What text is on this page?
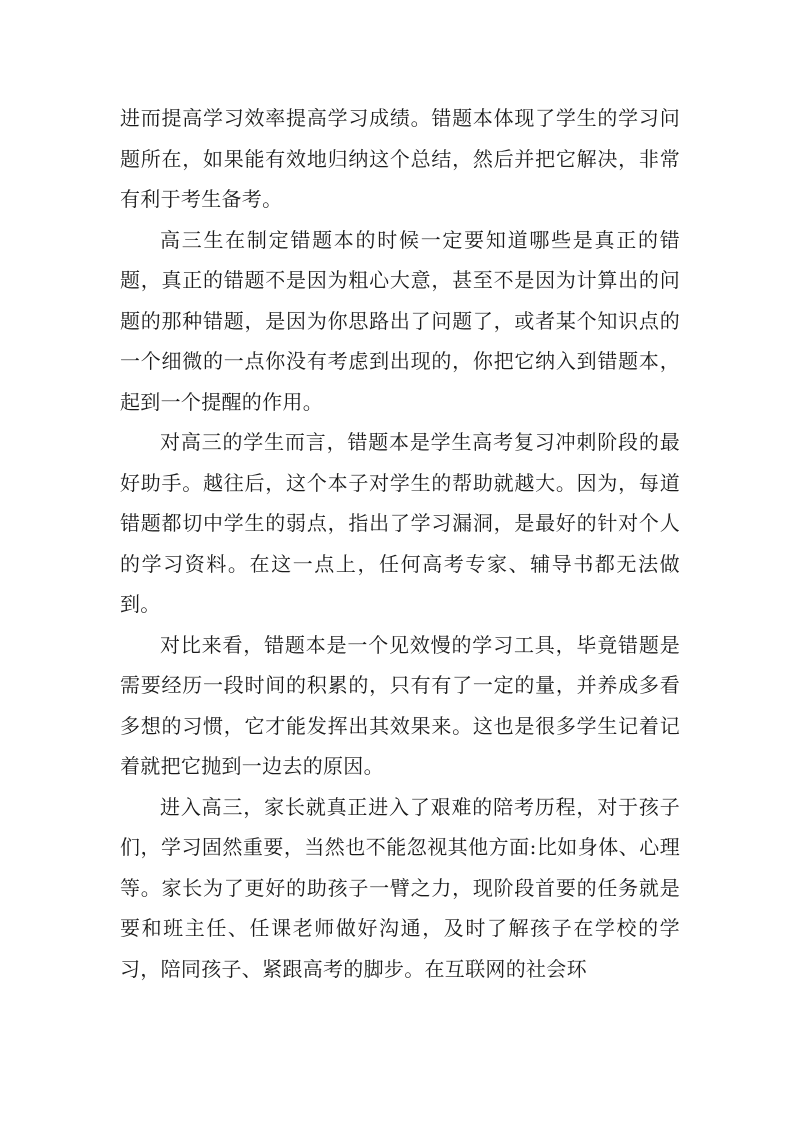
进而提高学习效率提高学习成绩。错题本体现了学生的学习问题所在，如果能有效地归纳这个总结，然后并把它解决，非常有利于考生备考。

高三生在制定错题本的时候一定要知道哪些是真正的错题，真正的错题不是因为粗心大意，甚至不是因为计算出的问题的那种错题，是因为你思路出了问题了，或者某个知识点的一个细微的一点你没有考虑到出现的，你把它纳入到错题本，起到一个提醒的作用。

对高三的学生而言，错题本是学生高考复习冲刺阶段的最好助手。越往后，这个本子对学生的帮助就越大。因为，每道错题都切中学生的弱点，指出了学习漏洞，是最好的针对个人的学习资料。在这一点上，任何高考专家、辅导书都无法做到。

对比来看，错题本是一个见效慢的学习工具，毕竟错题是需要经历一段时间的积累的，只有有了一定的量，并养成多看多想的习惯，它才能发挥出其效果来。这也是很多学生记着记着就把它抛到一边去的原因。

进入高三，家长就真正进入了艰难的陪考历程，对于孩子们，学习固然重要，当然也不能忽视其他方面:比如身体、心理等。家长为了更好的助孩子一臂之力，现阶段首要的任务就是要和班主任、任课老师做好沟通，及时了解孩子在学校的学习，陪同孩子、紧跟高考的脚步。在互联网的社会环
